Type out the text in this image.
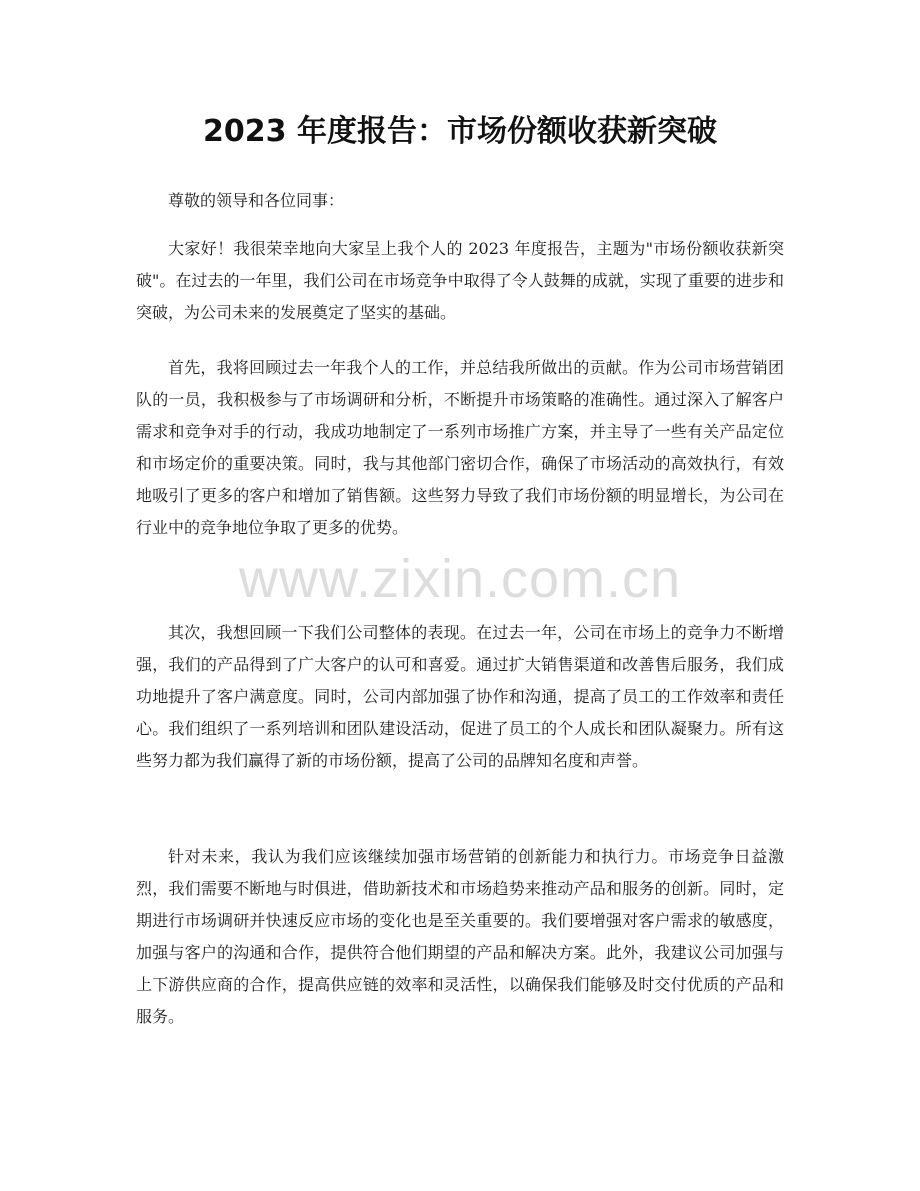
2023 年度报告：市场份额收获新突破

尊敬的领导和各位同事：

大家好！我很荣幸地向大家呈上我个人的 2023 年度报告，主题为"市场份额收获新突破"。在过去的一年里，我们公司在市场竞争中取得了令人鼓舞的成就，实现了重要的进步和突破，为公司未来的发展奠定了坚实的基础。

首先，我将回顾过去一年我个人的工作，并总结我所做出的贡献。作为公司市场营销团队的一员，我积极参与了市场调研和分析，不断提升市场策略的准确性。通过深入了解客户需求和竞争对手的行动，我成功地制定了一系列市场推广方案，并主导了一些有关产品定位和市场定价的重要决策。同时，我与其他部门密切合作，确保了市场活动的高效执行，有效地吸引了更多的客户和增加了销售额。这些努力导致了我们市场份额的明显增长，为公司在行业中的竞争地位争取了更多的优势。

其次，我想回顾一下我们公司整体的表现。在过去一年，公司在市场上的竞争力不断增强，我们的产品得到了广大客户的认可和喜爱。通过扩大销售渠道和改善售后服务，我们成功地提升了客户满意度。同时，公司内部加强了协作和沟通，提高了员工的工作效率和责任心。我们组织了一系列培训和团队建设活动，促进了员工的个人成长和团队凝聚力。所有这些努力都为我们赢得了新的市场份额，提高了公司的品牌知名度和声誉。

针对未来，我认为我们应该继续加强市场营销的创新能力和执行力。市场竞争日益激烈，我们需要不断地与时俱进，借助新技术和市场趋势来推动产品和服务的创新。同时，定期进行市场调研并快速反应市场的变化也是至关重要的。我们要增强对客户需求的敏感度，加强与客户的沟通和合作，提供符合他们期望的产品和解决方案。此外，我建议公司加强与上下游供应商的合作，提高供应链的效率和灵活性，以确保我们能够及时交付优质的产品和服务。

www.zixin.com.cn
